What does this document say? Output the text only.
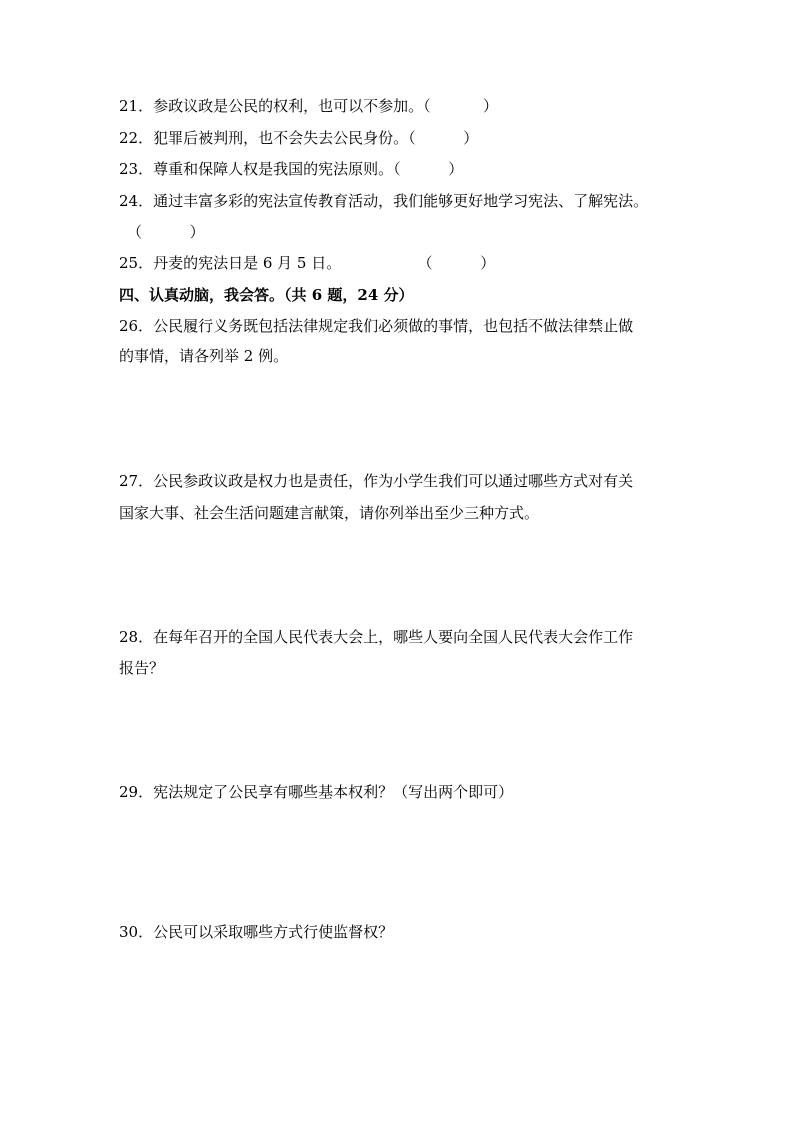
21．参政议政是公民的权利，也可以不参加。（           ）
22．犯罪后被判刑，也不会失去公民身份。（          ）
23．尊重和保障人权是我国的宪法原则。（          ）
24．通过丰富多彩的宪法宣传教育活动，我们能够更好地学习宪法、了解宪法。
（          ）
25．丹麦的宪法日是 6 月 5 日。                （          ）
四、认真动脑，我会答。（共 6 题，24 分）
26．公民履行义务既包括法律规定我们必须做的事情，也包括不做法律禁止做
的事情，请各列举 2 例。
27．公民参政议政是权力也是责任，作为小学生我们可以通过哪些方式对有关
国家大事、社会生活问题建言献策，请你列举出至少三种方式。
28．在每年召开的全国人民代表大会上，哪些人要向全国人民代表大会作工作
报告？
29．宪法规定了公民享有哪些基本权利？（写出两个即可）
30．公民可以采取哪些方式行使监督权？
